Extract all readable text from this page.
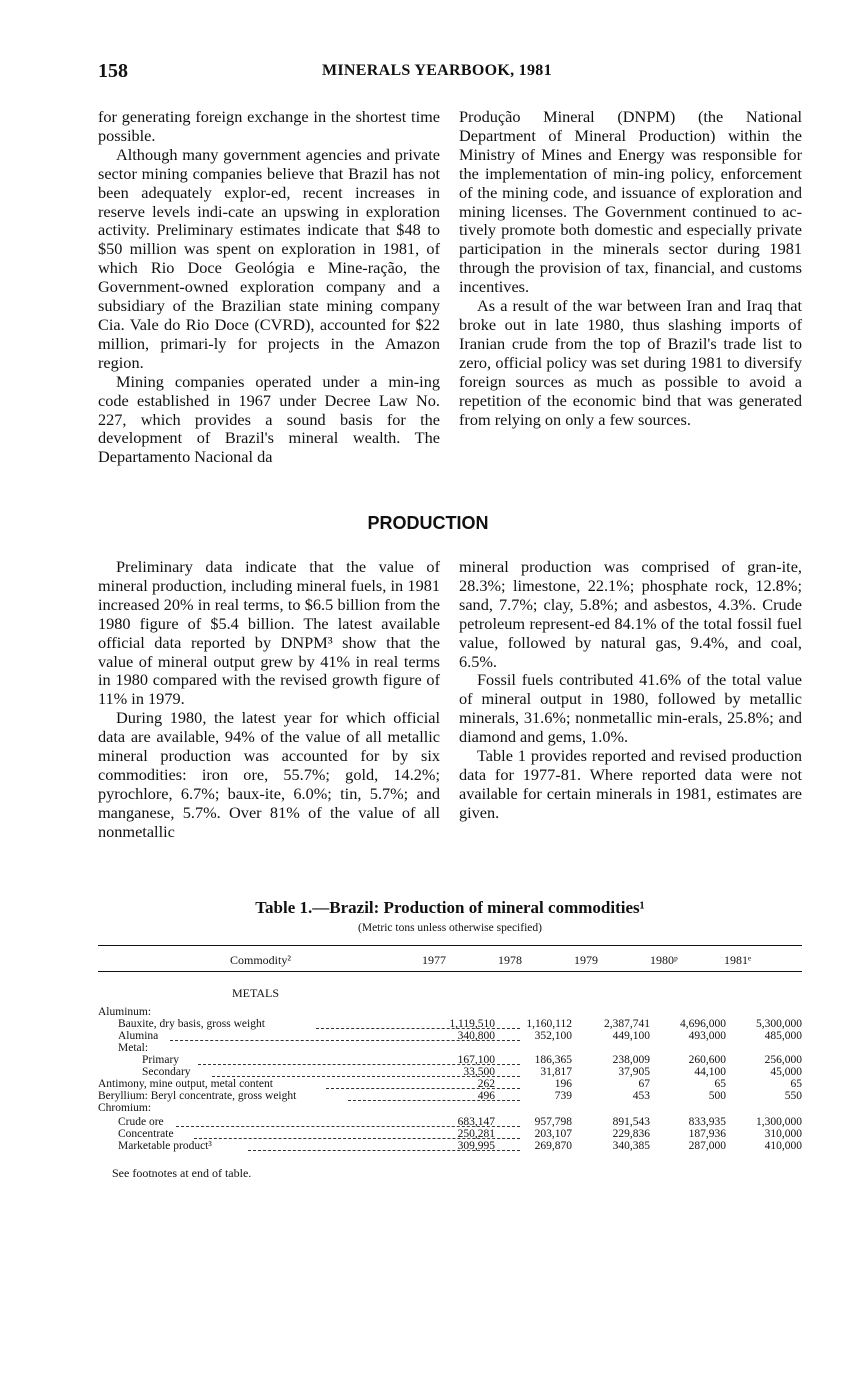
158	MINERALS YEARBOOK, 1981

for generating foreign exchange in the shortest time possible.

Although many government agencies and private sector mining companies believe that Brazil has not been adequately explor-ed, recent increases in reserve levels indi-cate an upswing in exploration activity. Preliminary estimates indicate that $48 to $50 million was spent on exploration in 1981, of which Rio Doce Geológia e Mine-ração, the Government-owned exploration company and a subsidiary of the Brazilian state mining company Cia. Vale do Rio Doce (CVRD), accounted for $22 million, primari-ly for projects in the Amazon region.

Mining companies operated under a min-ing code established in 1967 under Decree Law No. 227, which provides a sound basis for the development of Brazil's mineral wealth. The Departamento Nacional da

Produção Mineral (DNPM) (the National Department of Mineral Production) within the Ministry of Mines and Energy was responsible for the implementation of min-ing policy, enforcement of the mining code, and issuance of exploration and mining licenses. The Government continued to ac-tively promote both domestic and especially private participation in the minerals sector during 1981 through the provision of tax, financial, and customs incentives.

As a result of the war between Iran and Iraq that broke out in late 1980, thus slashing imports of Iranian crude from the top of Brazil's trade list to zero, official policy was set during 1981 to diversify foreign sources as much as possible to avoid a repetition of the economic bind that was generated from relying on only a few sources.

PRODUCTION

Preliminary data indicate that the value of mineral production, including mineral fuels, in 1981 increased 20% in real terms, to $6.5 billion from the 1980 figure of $5.4 billion. The latest available official data reported by DNPM³ show that the value of mineral output grew by 41% in real terms in 1980 compared with the revised growth figure of 11% in 1979.

During 1980, the latest year for which official data are available, 94% of the value of all metallic mineral production was accounted for by six commodities: iron ore, 55.7%; gold, 14.2%; pyrochlore, 6.7%; baux-ite, 6.0%; tin, 5.7%; and manganese, 5.7%. Over 81% of the value of all nonmetallic

mineral production was comprised of gran-ite, 28.3%; limestone, 22.1%; phosphate rock, 12.8%; sand, 7.7%; clay, 5.8%; and asbestos, 4.3%. Crude petroleum represent-ed 84.1% of the total fossil fuel value, followed by natural gas, 9.4%, and coal, 6.5%.

Fossil fuels contributed 41.6% of the total value of mineral output in 1980, followed by metallic minerals, 31.6%; nonmetallic min-erals, 25.8%; and diamond and gems, 1.0%.

Table 1 provides reported and revised production data for 1977-81. Where reported data were not available for certain minerals in 1981, estimates are given.

Table 1.—Brazil: Production of mineral commodities¹
(Metric tons unless otherwise specified)
Commodity²	1977	1978	1979	1980ᵖ	1981ᵉ
METALS
Aluminum:
Bauxite, dry basis, gross weight	1,119,510	1,160,112	2,387,741	4,696,000	5,300,000
Alumina	340,800	352,100	449,100	493,000	485,000
Metal:
Primary	167,100	186,365	238,009	260,600	256,000
Secondary	33,500	31,817	37,905	44,100	45,000
Antimony, mine output, metal content	262	196	67	65	65
Beryllium: Beryl concentrate, gross weight	496	739	453	500	550
Chromium:
Crude ore	683,147	957,798	891,543	833,935	1,300,000
Concentrate	250,281	203,107	229,836	187,936	310,000
Marketable product³	309,995	269,870	340,385	287,000	410,000
See footnotes at end of table.
